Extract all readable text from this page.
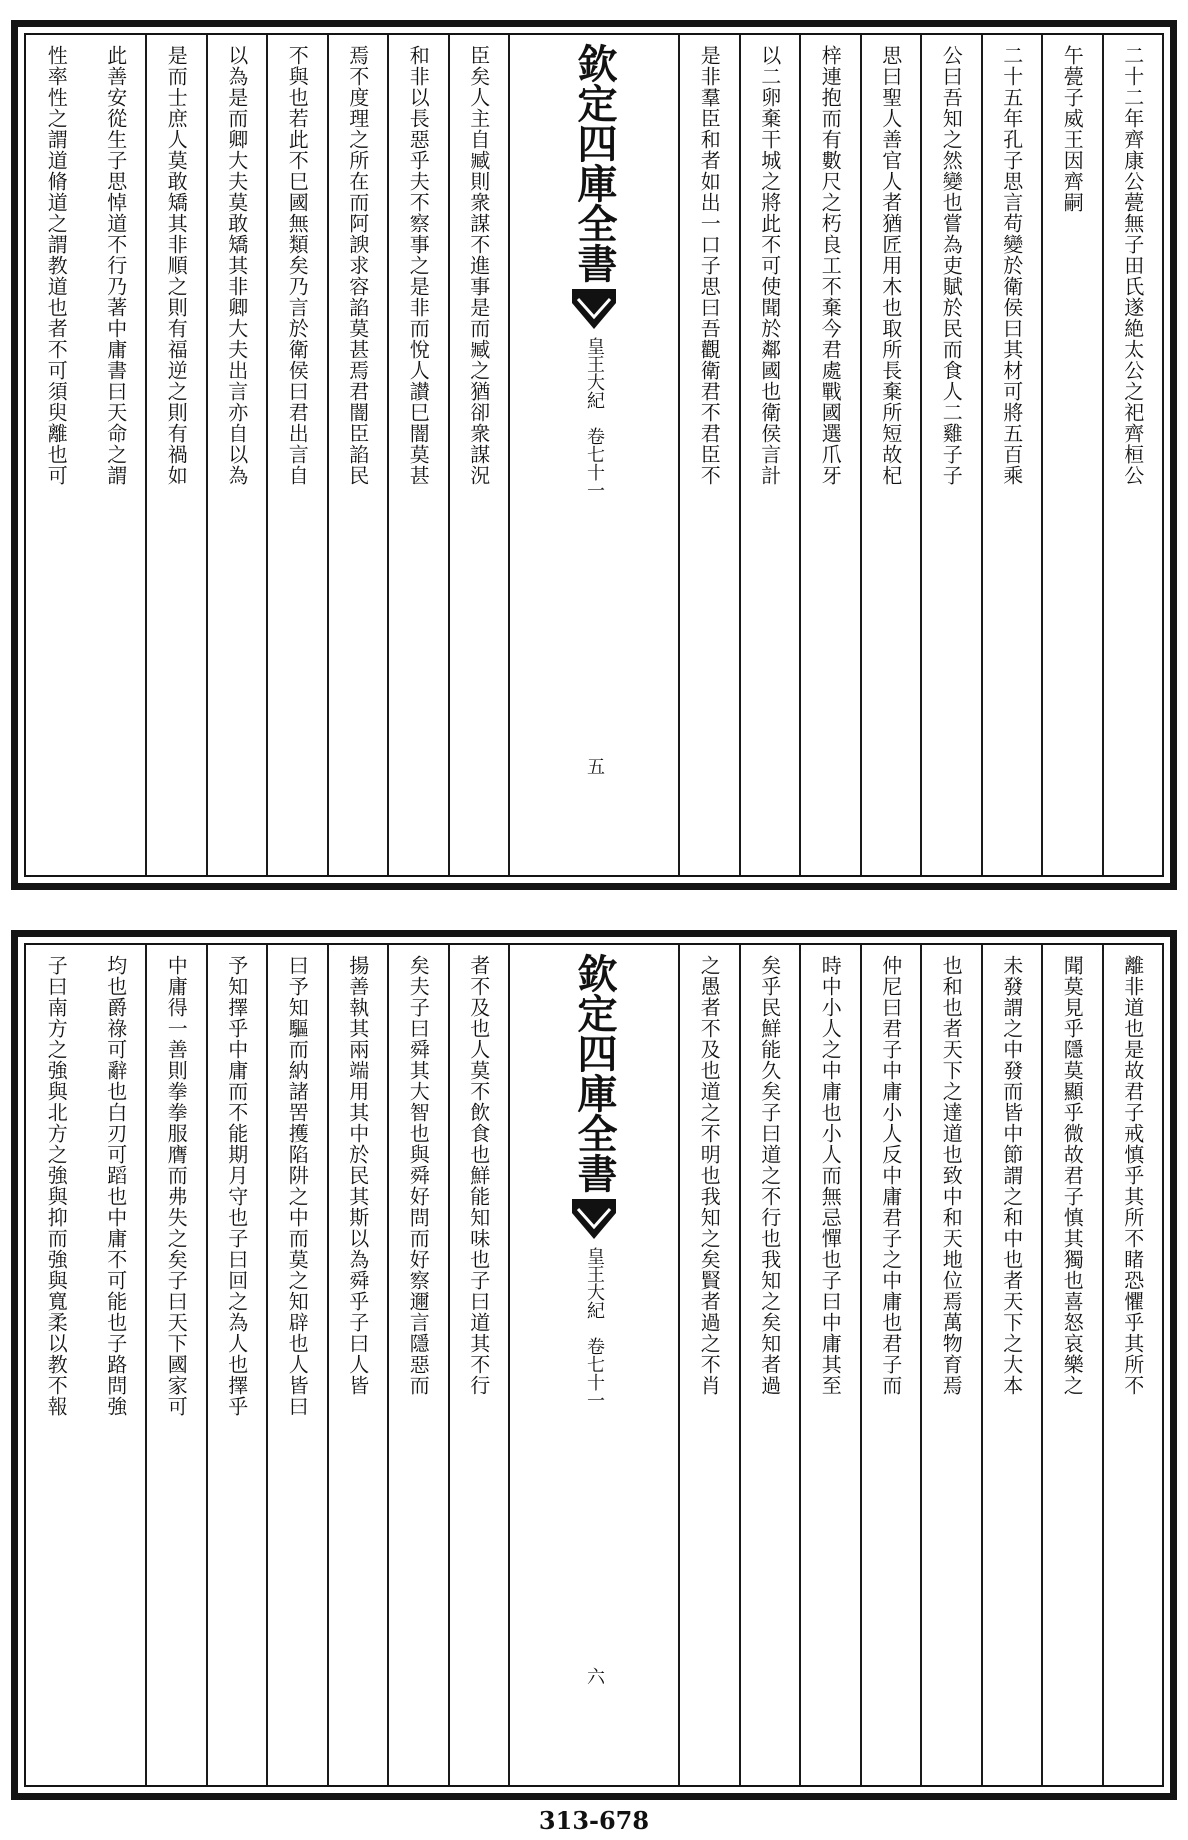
二十二年齊康公甍無子田氏遂絶太公之祀齊桓公
午甍子威王因齊嗣
二十五年孔子思言苟變於衛侯曰其材可將五百乘
公曰吾知之然變也嘗為吏賦於民而食人二雞子子
思曰聖人善官人者猶匠用木也取所長棄所短故杞
梓連抱而有數尺之朽良工不棄今君處戰國選爪牙
以二卵棄干城之將此不可使聞於鄰國也衛侯言計
是非羣臣和者如出一口子思曰吾觀衛君不君臣不
欽定四庫全書
皇王大紀　卷七十一
五
臣矣人主自臧則衆謀不進事是而臧之猶卻衆謀況
和非以長惡乎夫不察事之是非而悅人讃巳闇莫甚
焉不度理之所在而阿諛求容諂莫甚焉君闇臣諂民
不與也若此不巳國無類矣乃言於衛侯曰君出言自
以為是而卿大夫莫敢矯其非卿大夫出言亦自以為
是而士庶人莫敢矯其非順之則有福逆之則有禍如
此善安從生子思悼道不行乃著中庸書曰天命之謂
性率性之謂道脩道之謂教道也者不可須臾離也可
離非道也是故君子戒慎乎其所不睹恐懼乎其所不
聞莫見乎隱莫顯乎微故君子慎其獨也喜怒哀樂之
未發謂之中發而皆中節謂之和中也者天下之大本
也和也者天下之達道也致中和天地位焉萬物育焉
仲尼曰君子中庸小人反中庸君子之中庸也君子而
時中小人之中庸也小人而無忌憚也子曰中庸其至
矣乎民鮮能久矣子曰道之不行也我知之矣知者過
之愚者不及也道之不明也我知之矣賢者過之不肖
欽定四庫全書
皇王大紀　卷七十一
六
者不及也人莫不飲食也鮮能知味也子曰道其不行
矣夫子曰舜其大智也與舜好問而好察邇言隱惡而
揚善執其兩端用其中於民其斯以為舜乎子曰人皆
曰予知驅而納諸罟擭陷阱之中而莫之知辟也人皆曰
予知擇乎中庸而不能期月守也子曰回之為人也擇乎
中庸得一善則拳拳服膺而弗失之矣子曰天下國家可
均也爵祿可辭也白刃可蹈也中庸不可能也子路問強
子曰南方之強與北方之強與抑而強與寬柔以教不報
313-678
